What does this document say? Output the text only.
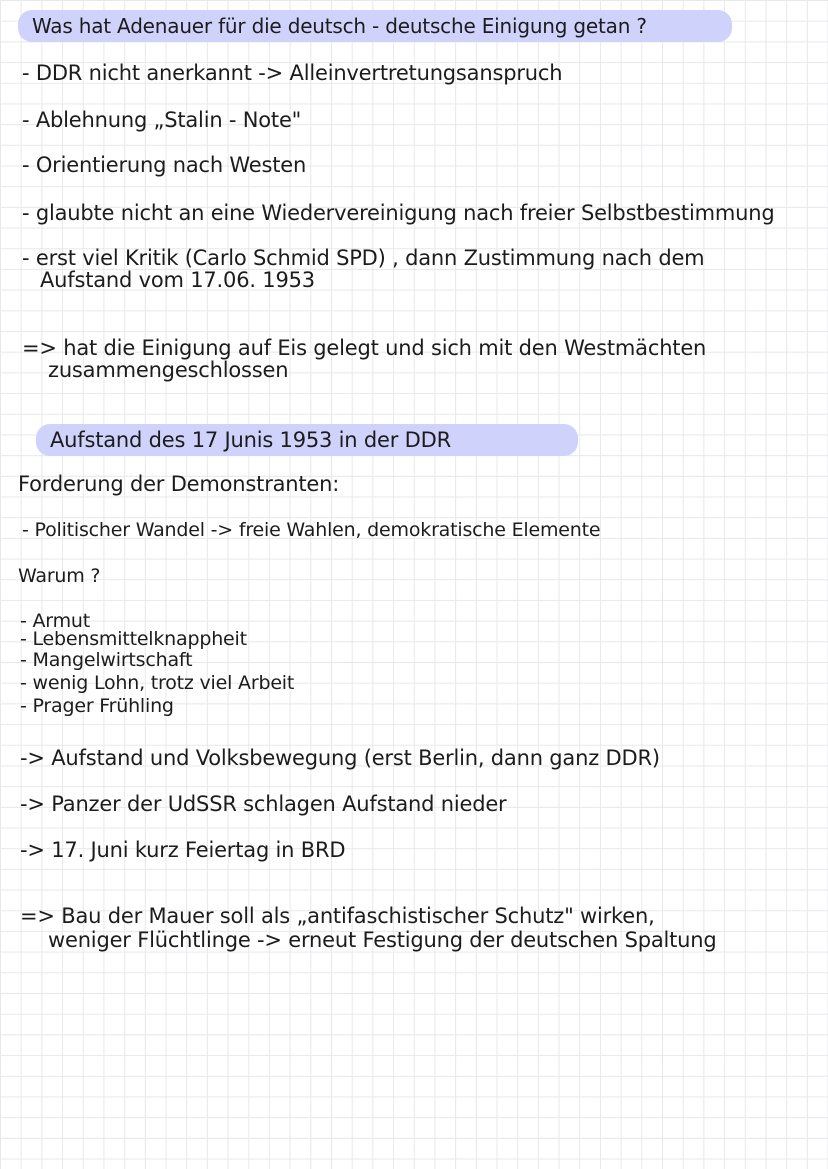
Was hat Adenauer für die deutsch - deutsche Einigung getan ?
- DDR nicht anerkannt -> Alleinvertretungsanspruch
- Ablehnung „Stalin - Note"
- Orientierung nach Westen
- glaubte nicht an eine Wiedervereinigung nach freier Selbstbestimmung
- erst viel Kritik (Carlo Schmid SPD) , dann Zustimmung nach dem
Aufstand vom 17.06. 1953
=> hat die Einigung auf Eis gelegt und sich mit den Westmächten
zusammengeschlossen
Aufstand des 17 Junis 1953 in der DDR
Forderung der Demonstranten:
- Politischer Wandel -> freie Wahlen, demokratische Elemente
Warum ?
- Armut
- Lebensmittelknappheit
- Mangelwirtschaft
- wenig Lohn, trotz viel Arbeit
- Prager Frühling
-> Aufstand und Volksbewegung (erst Berlin, dann ganz DDR)
-> Panzer der UdSSR schlagen Aufstand nieder
-> 17. Juni kurz Feiertag in BRD
=> Bau der Mauer soll als „antifaschistischer Schutz" wirken,
weniger Flüchtlinge -> erneut Festigung der deutschen Spaltung
